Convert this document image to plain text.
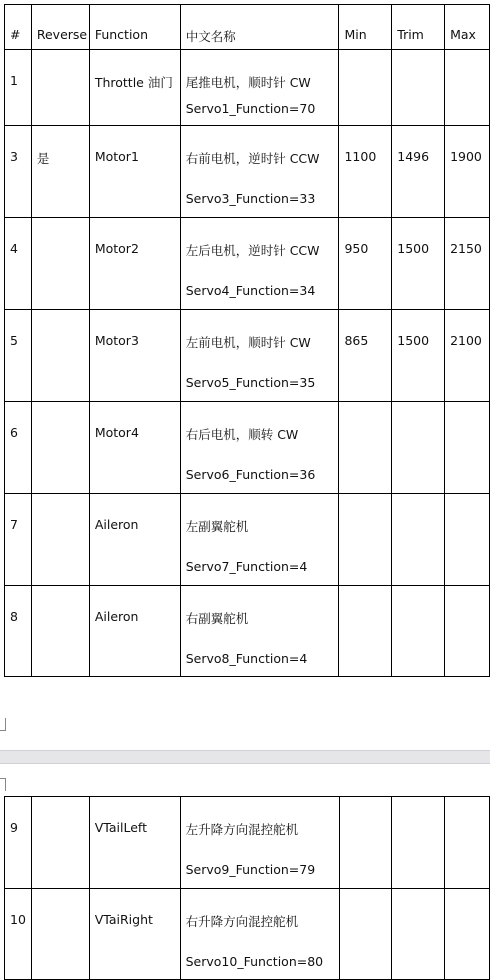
#	Reverse	Function	中文名称	Min	Trim	Max

1		Throttle 油门	尾推电机，顺时针 CW
Servo1_Function=70			

3	是	Motor1	右前电机，逆时针 CCW
Servo3_Function=33	1100	1496	1900

4		Motor2	左后电机，逆时针 CCW
Servo4_Function=34	950	1500	2150

5		Motor3	左前电机，顺时针 CW
Servo5_Function=35	865	1500	2100

6		Motor4	右后电机，顺转 CW
Servo6_Function=36			

7		Aileron	左副翼舵机
Servo7_Function=4			

8		Aileron	右副翼舵机
Servo8_Function=4			

9		VTailLeft	左升降方向混控舵机
Servo9_Function=79			

10		VTaiRight	右升降方向混控舵机
Servo10_Function=80			
